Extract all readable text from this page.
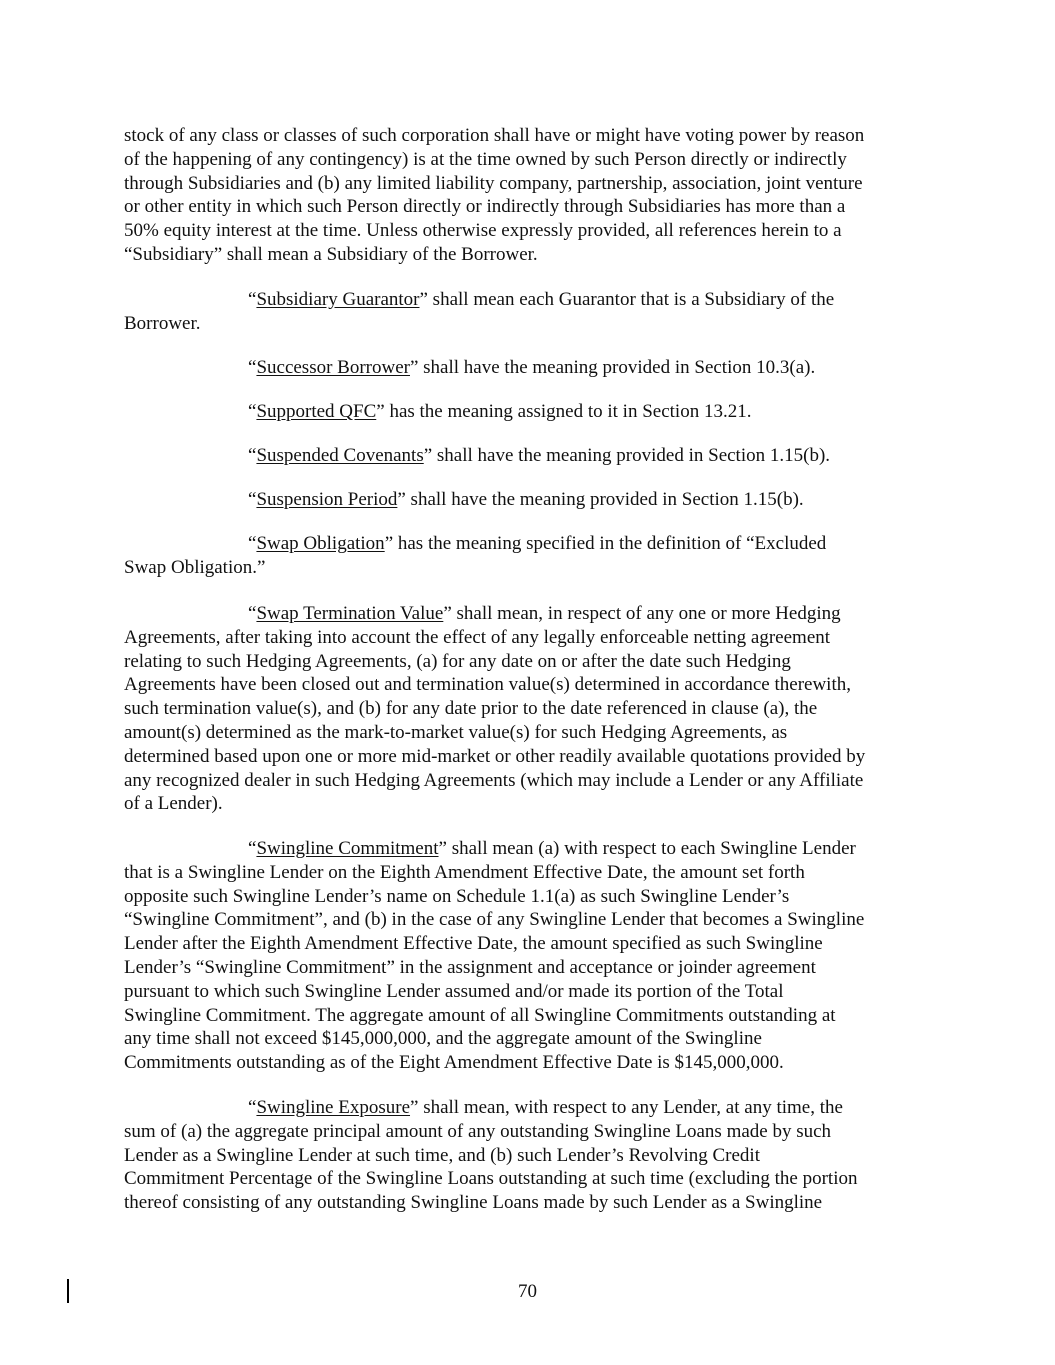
stock of any class or classes of such corporation shall have or might have voting power by reason
of the happening of any contingency) is at the time owned by such Person directly or indirectly
through Subsidiaries and (b) any limited liability company, partnership, association, joint venture
or other entity in which such Person directly or indirectly through Subsidiaries has more than a
50% equity interest at the time. Unless otherwise expressly provided, all references herein to a
“Subsidiary” shall mean a Subsidiary of the Borrower.
“Subsidiary Guarantor” shall mean each Guarantor that is a Subsidiary of the
Borrower.
“Successor Borrower” shall have the meaning provided in Section 10.3(a).
“Supported QFC” has the meaning assigned to it in Section 13.21.
“Suspended Covenants” shall have the meaning provided in Section 1.15(b).
“Suspension Period” shall have the meaning provided in Section 1.15(b).
“Swap Obligation” has the meaning specified in the definition of “Excluded
Swap Obligation.”
“Swap Termination Value” shall mean, in respect of any one or more Hedging
Agreements, after taking into account the effect of any legally enforceable netting agreement
relating to such Hedging Agreements, (a) for any date on or after the date such Hedging
Agreements have been closed out and termination value(s) determined in accordance therewith,
such termination value(s), and (b) for any date prior to the date referenced in clause (a), the
amount(s) determined as the mark-to-market value(s) for such Hedging Agreements, as
determined based upon one or more mid-market or other readily available quotations provided by
any recognized dealer in such Hedging Agreements (which may include a Lender or any Affiliate
of a Lender).
“Swingline Commitment” shall mean (a) with respect to each Swingline Lender
that is a Swingline Lender on the Eighth Amendment Effective Date, the amount set forth
opposite such Swingline Lender’s name on Schedule 1.1(a) as such Swingline Lender’s
“Swingline Commitment”, and (b) in the case of any Swingline Lender that becomes a Swingline
Lender after the Eighth Amendment Effective Date, the amount specified as such Swingline
Lender’s “Swingline Commitment” in the assignment and acceptance or joinder agreement
pursuant to which such Swingline Lender assumed and/or made its portion of the Total
Swingline Commitment. The aggregate amount of all Swingline Commitments outstanding at
any time shall not exceed $145,000,000, and the aggregate amount of the Swingline
Commitments outstanding as of the Eight Amendment Effective Date is $145,000,000.
“Swingline Exposure” shall mean, with respect to any Lender, at any time, the
sum of (a) the aggregate principal amount of any outstanding Swingline Loans made by such
Lender as a Swingline Lender at such time, and (b) such Lender’s Revolving Credit
Commitment Percentage of the Swingline Loans outstanding at such time (excluding the portion
thereof consisting of any outstanding Swingline Loans made by such Lender as a Swingline
70
